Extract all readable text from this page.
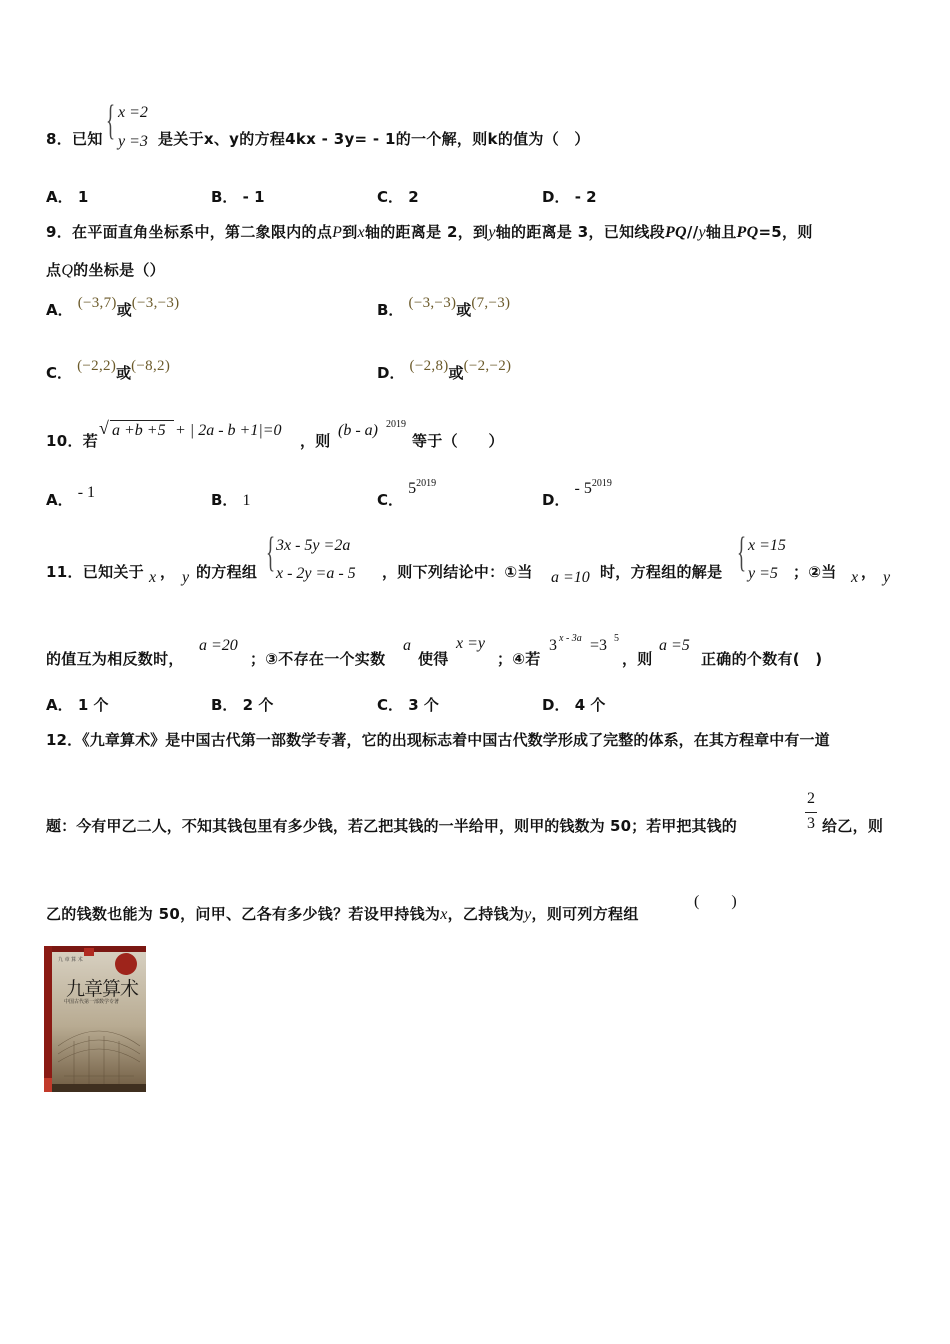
8．已知 { x =2
y =3 是关于x、y的方程4kx - 3y= - 1的一个解，则k的值为（　）
A． 1	B． - 1	C． 2	D． - 2
9．在平面直角坐标系中，第二象限内的点P到x轴的距离是 2，到y轴的距离是 3，已知线段PQ//y轴且PQ=5，则
点Q的坐标是（）
A． (−3,7)或(−3,−3)	B． (−3,−3)或(7,−3)
C． (−2,2)或(−8,2)	D． (−2,8)或(−2,−2)
10．若
√ a +b +5 + | 2a - b +1|=0
，则
(b - a) 2019
等于（　　）
A． - 1	B． 1	C． $5^{2019}$
D． - $5^{2019}$
11．已知关于 x ， y 的方程组 { 3x - 5y =2a
x - 2y =a - 5 ，则下列结论中：①当 a =10 时，方程组的解是 { x =15
y =5 ；②当 x ， y
的值互为相反数时，
a =20
；③不存在一个实数
a
使得
x =y
；④若
3 x - 3a =3 5
，则
a =5
正确的个数有(　)
A． 1 个	B． 2 个	C． 3 个	D． 4 个
12．《九章算术》是中国古代第一部数学专著，它的出现标志着中国古代数学形成了完整的体系，在其方程章中有一道
题：今有甲乙二人，不知其钱包里有多少钱，若乙把其钱的一半给甲，则甲的钱数为 50；若甲把其钱的
2
3 给乙，则
乙的钱数也能为 50，问甲、乙各有多少钱？若设甲持钱为x，乙持钱为y，则可列方程组
(　　)
九 章 算 术
九章算术
中国古代第一部数学专著
